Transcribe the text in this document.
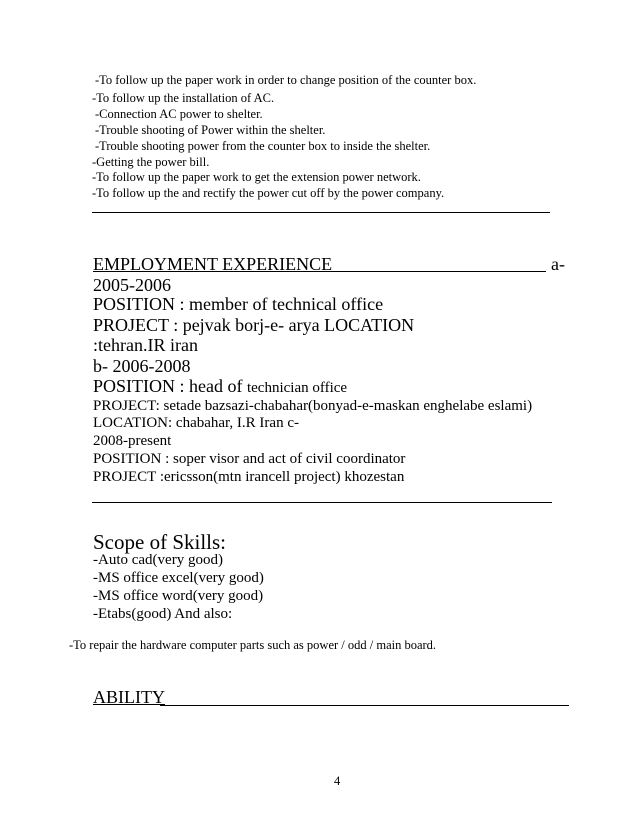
-To follow up the paper work in order to change position of the counter box.
-To follow up the installation of AC.
-Connection AC power to shelter.
-Trouble shooting of Power within the shelter.
-Trouble shooting power from the counter box to inside the shelter.
-Getting the power bill.
-To follow up the paper work to get the extension power network.
-To follow up the and rectify the power cut off by the power company.
EMPLOYMENT EXPERIENCE	a-
2005-2006
POSITION : member of technical office
PROJECT : pejvak borj-e- arya LOCATION
:tehran.IR iran
b- 2006-2008
POSITION : head of technician office
PROJECT: setade bazsazi-chabahar(bonyad-e-maskan enghelabe eslami)
LOCATION: chabahar, I.R Iran c-
2008-present
POSITION : soper visor and act of civil coordinator
PROJECT :ericsson(mtn irancell project) khozestan
Scope of Skills:
-Auto cad(very good)
-MS office excel(very good)
-MS office word(very good)
-Etabs(good) And also:
-To repair the hardware computer parts such as power / odd / main board.
ABILITY
4
